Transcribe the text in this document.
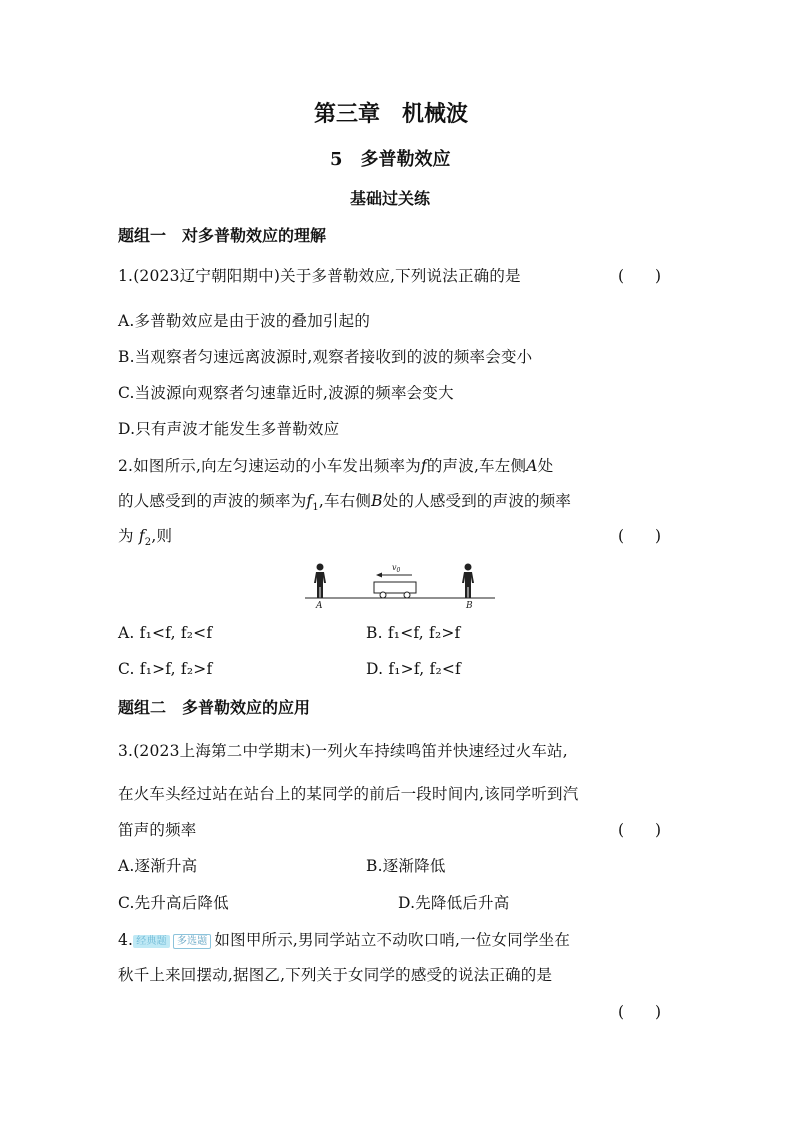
第三章　机械波
5　多普勒效应
基础过关练
题组一　对多普勒效应的理解
1.(2023辽宁朝阳期中)关于多普勒效应,下列说法正确的是	(　　)
A.多普勒效应是由于波的叠加引起的
B.当观察者匀速远离波源时,观察者接收到的波的频率会变小
C.当波源向观察者匀速靠近时,波源的频率会变大
D.只有声波才能发生多普勒效应
2.如图所示,向左匀速运动的小车发出频率为f的声波,车左侧A处
的人感受到的声波的频率为$f_1$,车右侧B处的人感受到的声波的频率
为 $f_2$,则	(　　)
$v_0$
A	B
A. f₁<f, f₂<f	B. f₁<f, f₂>f
C. f₁>f, f₂>f	D. f₁>f, f₂<f
题组二　多普勒效应的应用
3.(2023上海第二中学期末)一列火车持续鸣笛并快速经过火车站,
在火车头经过站在站台上的某同学的前后一段时间内,该同学听到汽
笛声的频率	(　　)
A.逐渐升高	B.逐渐降低
C.先升高后降低	D.先降低后升高
4. 经典题 多选题 如图甲所示,男同学站立不动吹口哨,一位女同学坐在
秋千上来回摆动,据图乙,下列关于女同学的感受的说法正确的是
(　　)
